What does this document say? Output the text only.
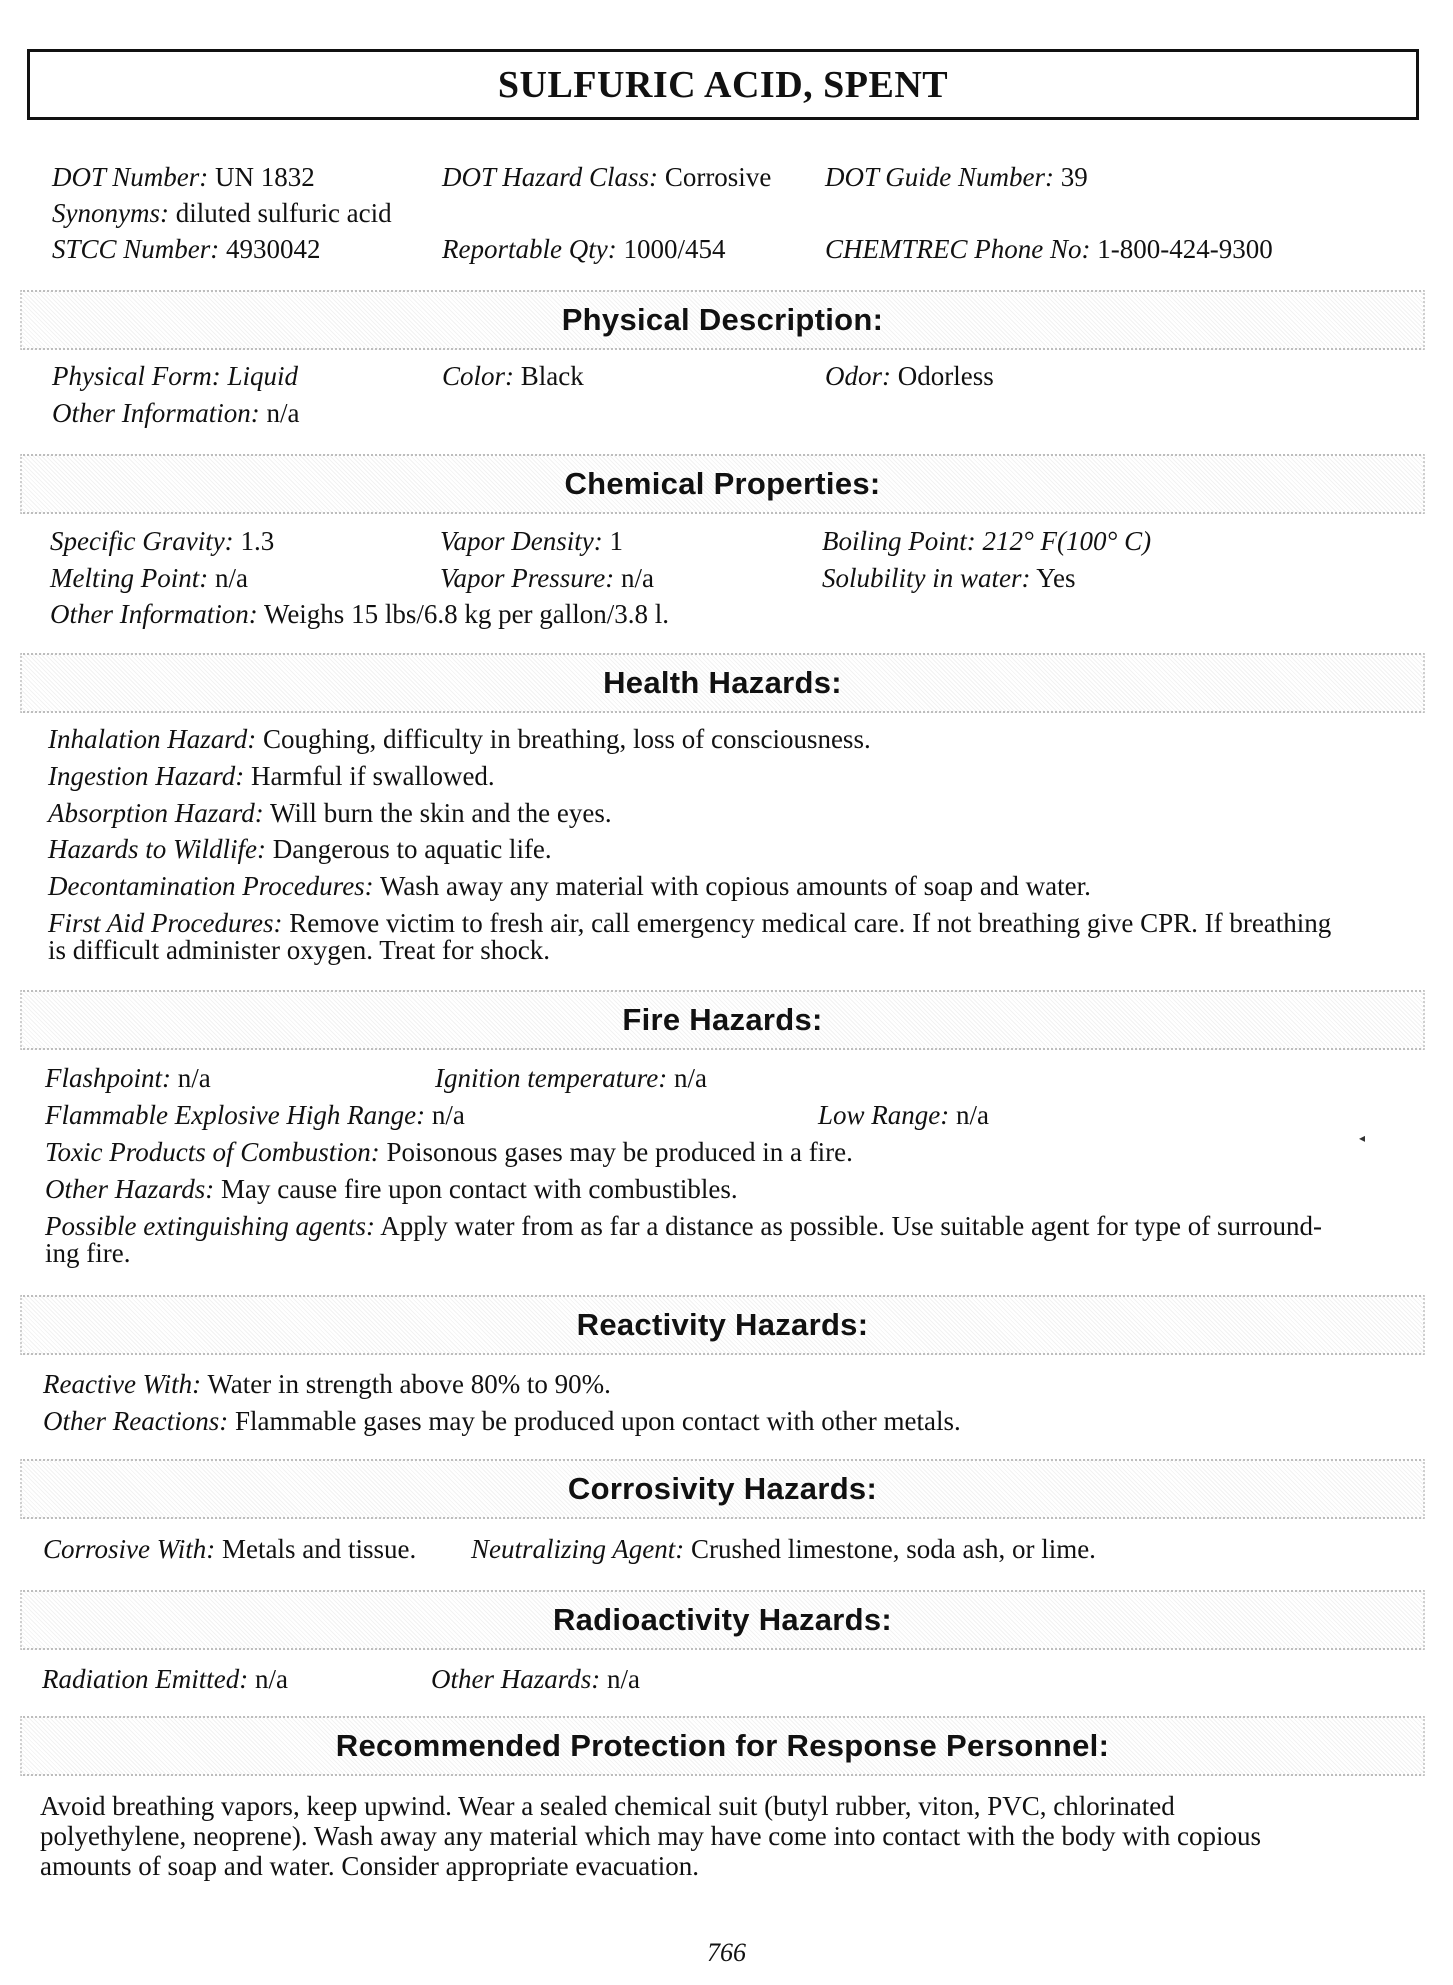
SULFURIC ACID, SPENT
DOT Number: UN 1832	DOT Hazard Class: Corrosive DOT Guide Number: 39
Synonyms: diluted sulfuric acid
STCC Number: 4930042	Reportable Qty: 1000/454	CHEMTREC Phone No: 1-800-424-9300
Physical Description:
Physical Form: Liquid	Color: Black	Odor: Odorless
Other Information: n/a
Chemical Properties:
Specific Gravity: 1.3	Vapor Density: 1	Boiling Point: 212° F(100° C)
Melting Point: n/a	Vapor Pressure: n/a	Solubility in water: Yes
Other Information: Weighs 15 lbs/6.8 kg per gallon/3.8 l.
Health Hazards:
Inhalation Hazard: Coughing, difficulty in breathing, loss of consciousness.
Ingestion Hazard: Harmful if swallowed.
Absorption Hazard: Will burn the skin and the eyes.
Hazards to Wildlife: Dangerous to aquatic life.
Decontamination Procedures: Wash away any material with copious amounts of soap and water.
First Aid Procedures: Remove victim to fresh air, call emergency medical care. If not breathing give CPR. If breathing
is difficult administer oxygen. Treat for shock.
Fire Hazards:
Flashpoint: n/a	Ignition temperature: n/a
Flammable Explosive High Range: n/a	Low Range: n/a
◂
Toxic Products of Combustion: Poisonous gases may be produced in a fire.
Other Hazards: May cause fire upon contact with combustibles.
Possible extinguishing agents: Apply water from as far a distance as possible. Use suitable agent for type of surround-
ing fire.
Reactivity Hazards:
Reactive With: Water in strength above 80% to 90%.
Other Reactions: Flammable gases may be produced upon contact with other metals.
Corrosivity Hazards:
Corrosive With: Metals and tissue. Neutralizing Agent: Crushed limestone, soda ash, or lime.
Radioactivity Hazards:
Radiation Emitted: n/a	Other Hazards: n/a
Recommended Protection for Response Personnel:
Avoid breathing vapors, keep upwind. Wear a sealed chemical suit (butyl rubber, viton, PVC, chlorinated
polyethylene, neoprene). Wash away any material which may have come into contact with the body with copious
amounts of soap and water. Consider appropriate evacuation.
766
